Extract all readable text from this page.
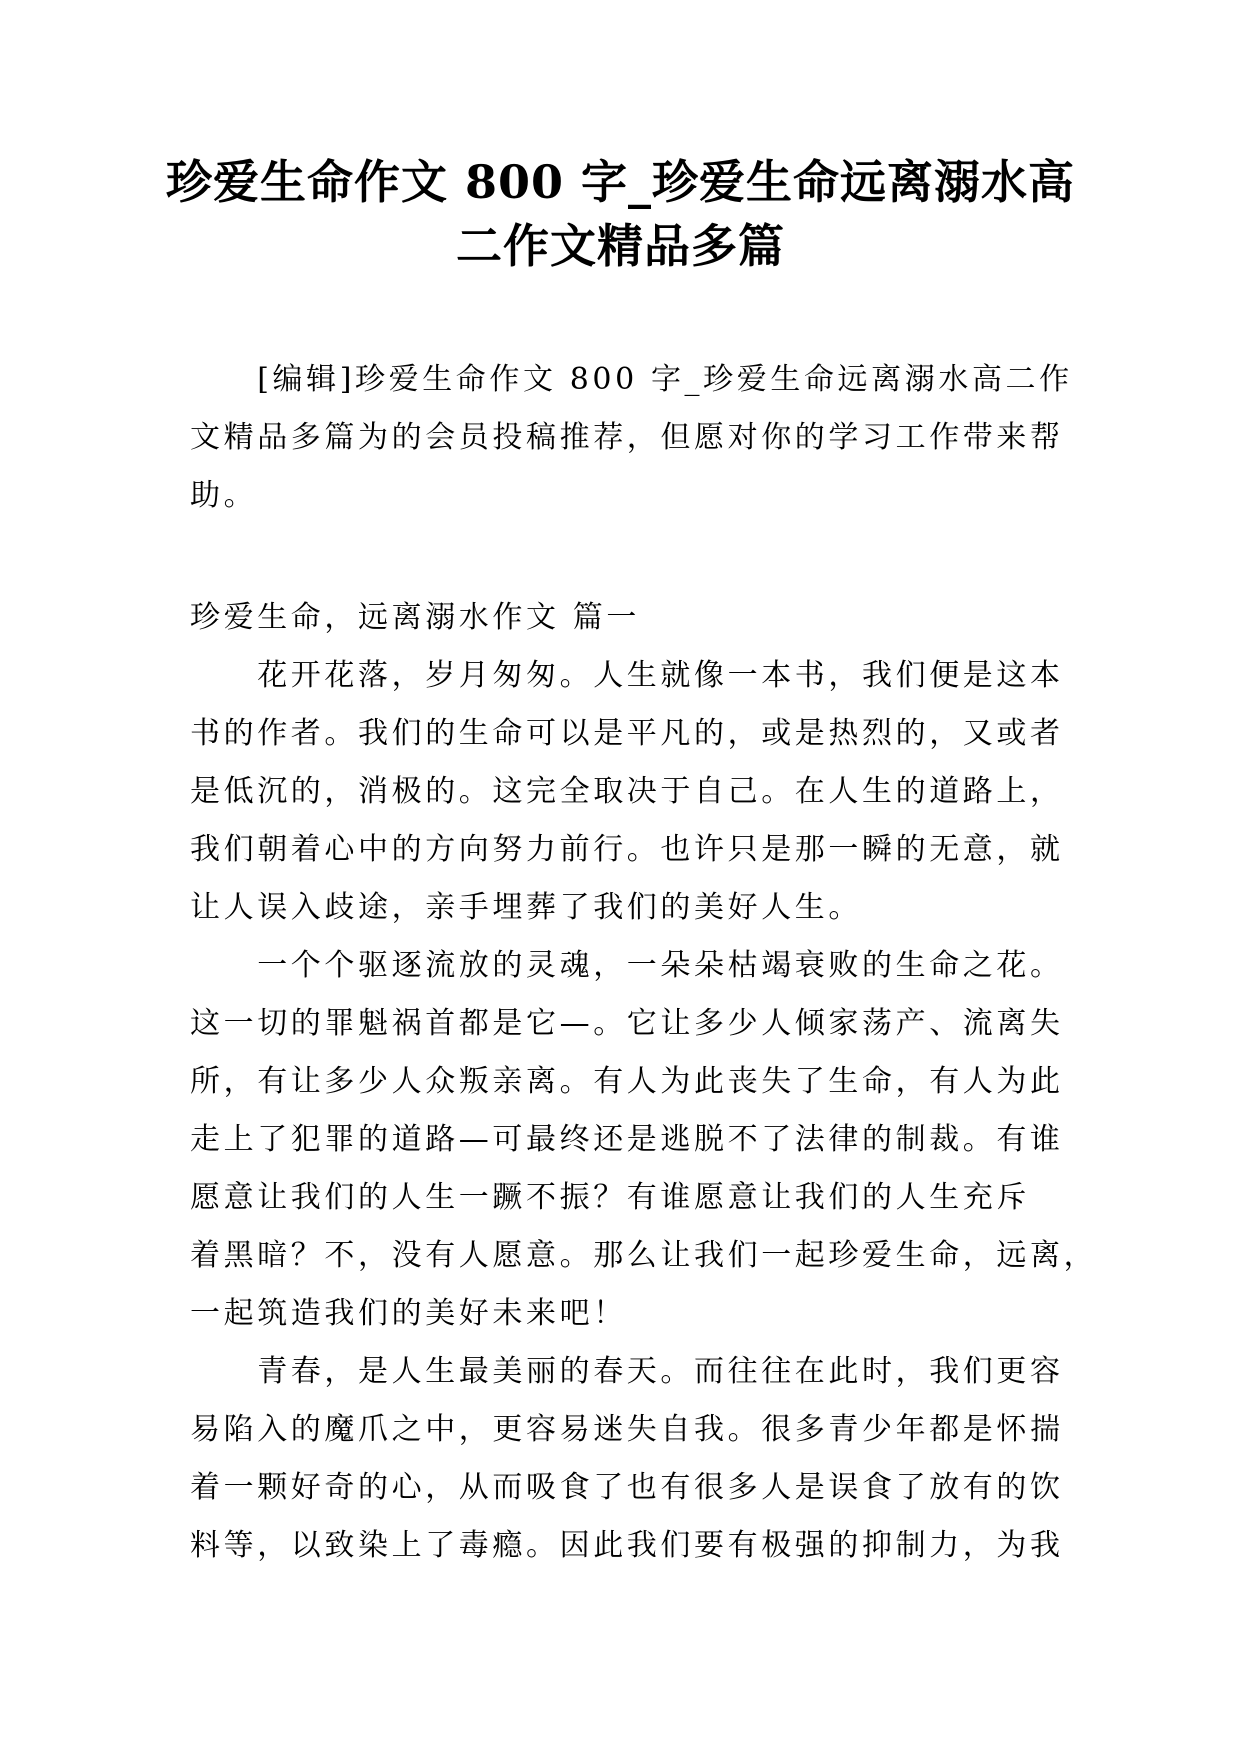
珍爱生命作文 800 字_珍爱生命远离溺水高
二作文精品多篇
　　[编辑]珍爱生命作文 800 字_珍爱生命远离溺水高二作
文精品多篇为的会员投稿推荐，但愿对你的学习工作带来帮
助。
珍爱生命，远离溺水作文 篇一
　　花开花落，岁月匆匆。人生就像一本书，我们便是这本
书的作者。我们的生命可以是平凡的，或是热烈的，又或者
是低沉的，消极的。这完全取决于自己。在人生的道路上，
我们朝着心中的方向努力前行。也许只是那一瞬的无意，就
让人误入歧途，亲手埋葬了我们的美好人生。
　　一个个驱逐流放的灵魂，一朵朵枯竭衰败的生命之花。
这一切的罪魁祸首都是它—。它让多少人倾家荡产、流离失
所，有让多少人众叛亲离。有人为此丧失了生命，有人为此
走上了犯罪的道路—可最终还是逃脱不了法律的制裁。有谁
愿意让我们的人生一蹶不振？有谁愿意让我们的人生充斥
着黑暗？不，没有人愿意。那么让我们一起珍爱生命，远离，
一起筑造我们的美好未来吧！
　　青春，是人生最美丽的春天。而往往在此时，我们更容
易陷入的魔爪之中，更容易迷失自我。很多青少年都是怀揣
着一颗好奇的心，从而吸食了也有很多人是误食了放有的饮
料等，以致染上了毒瘾。因此我们要有极强的抑制力，为我
